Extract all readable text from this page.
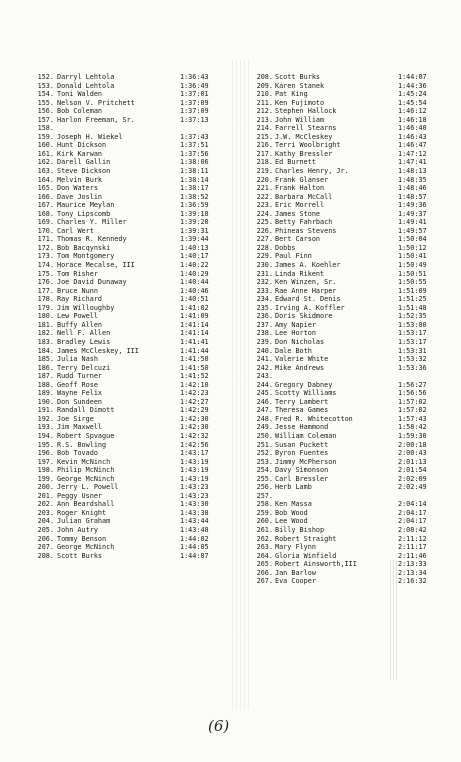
152. Darryl Lehtola	1:36:43
153. Donald Lehtola	1:36:49
154. Toni Walden	1:37:01
155. Nelson V. Pritchett	1:37:09
156. Bob Coleman	1:37:09
157. Harlon Freeman, Sr.	1:37:13
158.
159. Joseph H. Wiekel	1:37:43
160. Hunt Dickson	1:37:51
161. Kirk Karwan	1:37:56
162. Darell Gallin	1:38:06
163. Steve Dickson	1:38:11
164. Melvin Burk	1:38:14
165. Don Waters	1:38:17
166. Dave Joslin	1:38:52
167. Maurice Meylan	1:36:59
168. Tony Lipscomb	1:39:18
169. Charles Y. Miller	1:39:20
170. Carl Wert	1:39:31
171. Thomas R. Kennedy	1:39:44
172. Bob Bacqynski	1:40:13
173. Tom Montgomery	1:40:17
174. Horace Mecalse, III	1:40:22
175. Tom Risher	1:40:29
176. Joe David Dunaway	1:40:44
177. Bruce Nunn	1:40:46
178. Ray Richard	1:40:51
179. Jim Willoughby	1:41:02
180. Lew Powell	1:41:09
181. Buffy Allen	1:41:14
182. Nell F. Allen	1:41:14
183. Bradley Lewis	1:41:41
184. James McCleskey, III	1:41:44
185. Julia Nash	1:41:50
186. Terry Delcuzi	1:41:50
187. Rudd Turner	1:41:52
188. Geoff Rose	1:42:10
189. Wayne Felix	1:42:23
190. Don Sundeen	1:42:27
191. Randall Dimott	1:42:29
192. Joe Sirge	1:42:30
193. Jim Maxwell	1:42:30
194. Robert Spvague	1:42:32
195. R.S. Bowling	1:42:56
196. Bob Tovado	1:43:17
197. Kevin McNinch	1:43:19
198. Philip McNinch	1:43:19
199. George McNinch	1:43:19
200. Jerry L. Powell	1:43:23
201. Peggy Usner	1:43:23
202. Ann Beardshall	1:43:30
203. Roger Knight	1:43:38
204. Julian Graham	1:43:44
205. John Autry	1:43:48
206. Tommy Benson	1:44:02
207. George McNinch	1:44:05
208. Scott Burks	1:44:07
208. Scott Burks	1:44:07
209. Karen Stanek	1:44:36
210. Pat King	1:45:24
211. Ken Fujimoto	1:45:54
212. Stephen Hallock	1:46:12
213. John William	1:46:18
214. Farrell Stearns	1:46:40
215. J.W. McCleskey	1:46:43
216. Terri Woolbright	1:46:47
217. Kathy Bressler	1:47:12
218. Ed Burnett	1:47:41
219. Charles Henry, Jr.	1:48:13
220. Frank Glanser	1:48:35
221. Frank Halton	1:48:46
222. Barbara McCall	1:48:57
223. Eric Morrell	1:49:36
224. James Stone	1:49:37
225. Betty Fahrbach	1:49:41
226. Phineas Stevens	1:49:57
227. Bert Carson	1:50:04
228. Dobbs	1:50:12
229. Paul Finn	1:50:41
230. James A. Koehler	1:50:49
231. Linda Rikent	1:50:51
232. Ken Winzen, Sr.	1:50:55
233. Rae Anne Harper	1:51:09
234. Edward St. Denis	1:51:25
235. Irving A. Koffler	1:51:48
236. Doris Skidmore	1:52:35
237. Amy Napier	1:53:00
238. Lee Horton	1:53:17
239. Don Nicholas	1:53:17
240. Dale Both	1:53:31
241. Valerie White	1:53:32
242. Mike Andrews	1:53:36
243.
244. Gregory Dabney	1:56:27
245. Scotty Williams	1:56:56
246. Terry Lambert	1:57:02
247. Theresa Games	1:57:02
248. Fred R. Whitecotton	1:57:43
249. Jesse Hammond	1:58:42
250. William Coleman	1:59:30
251. Susan Puckett	2:00:18
252. Byron Fuentes	2:00:43
253. Jimmy McPherson	2:01:13
254. Davy Simonson	2:01:54
255. Carl Bressler	2:02:09
256. Herb Lamb	2:02:49
257.
258. Ken Massa	2:04:14
259. Bob Wood	2:04:17
260. Lee Wood	2:04:17
261. Billy Bishop	2:08:42
262. Robert Straight	2:11:12
263. Mary Flynn	2:11:17
264. Gloria Winfield	2:11:46
265. Robert Ainsworth,III	2:13:33
266. Jan Barlow	2:13:34
267. Eva Cooper	2:16:32
(6)
